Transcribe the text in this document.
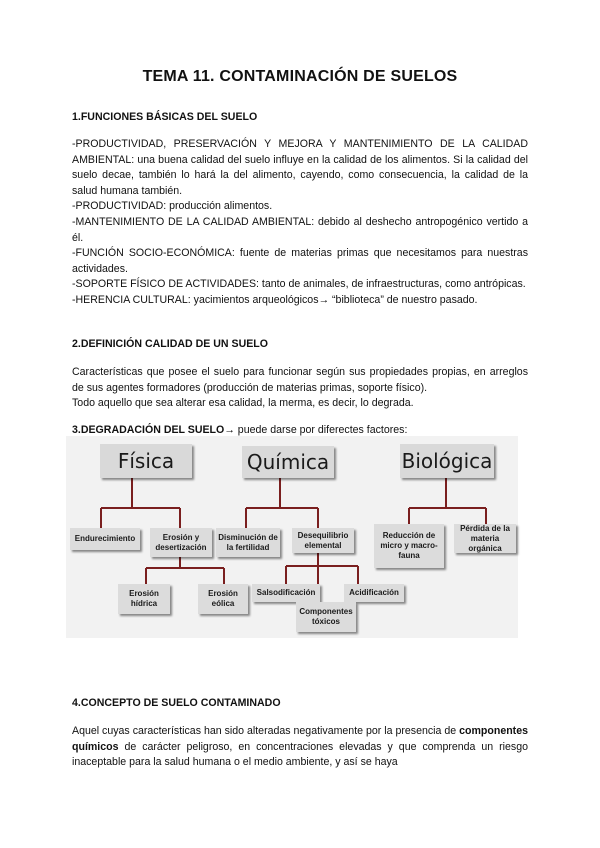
TEMA 11. CONTAMINACIÓN DE SUELOS
1.FUNCIONES BÁSICAS DEL SUELO
-PRODUCTIVIDAD, PRESERVACIÓN Y MEJORA Y MANTENIMIENTO DE LA CALIDAD AMBIENTAL: una buena calidad del suelo influye en la calidad de los alimentos. Si la calidad del suelo decae, también lo hará la del alimento, cayendo, como consecuencia, la calidad de la salud humana también.
-PRODUCTIVIDAD: producción alimentos.
-MANTENIMIENTO DE LA CALIDAD AMBIENTAL: debido al deshecho antropogénico vertido a él.
-FUNCIÓN SOCIO-ECONÓMICA: fuente de materias primas que necesitamos para nuestras actividades.
-SOPORTE FÍSICO DE ACTIVIDADES: tanto de animales, de infraestructuras, como antrópicas.
-HERENCIA CULTURAL: yacimientos arqueológicos→ “biblioteca” de nuestro pasado.
2.DEFINICIÓN CALIDAD DE UN SUELO
Características que posee el suelo para funcionar según sus propiedades propias, en arreglos de sus agentes formadores (producción de materias primas, soporte físico).
Todo aquello que sea alterar esa calidad, la merma, es decir, lo degrada.
3.DEGRADACIÓN DEL SUELO→ puede darse por diferectes factores:
Física	Química	Biológica
Endurecimiento	Erosión y desertización
Disminución de la fertilidad
Desequilibrio elemental
Reducción de micro y macro-fauna
Pérdida de la materia orgánica
Erosión hídrica
Erosión eólica
Salsodificación	Acidificación
Componentes tóxicos
4.CONCEPTO DE SUELO CONTAMINADO
Aquel cuyas características han sido alteradas negativamente por la presencia de componentes químicos de carácter peligroso, en concentraciones elevadas y que comprenda un riesgo inaceptable para la salud humana o el medio ambiente, y así se haya
